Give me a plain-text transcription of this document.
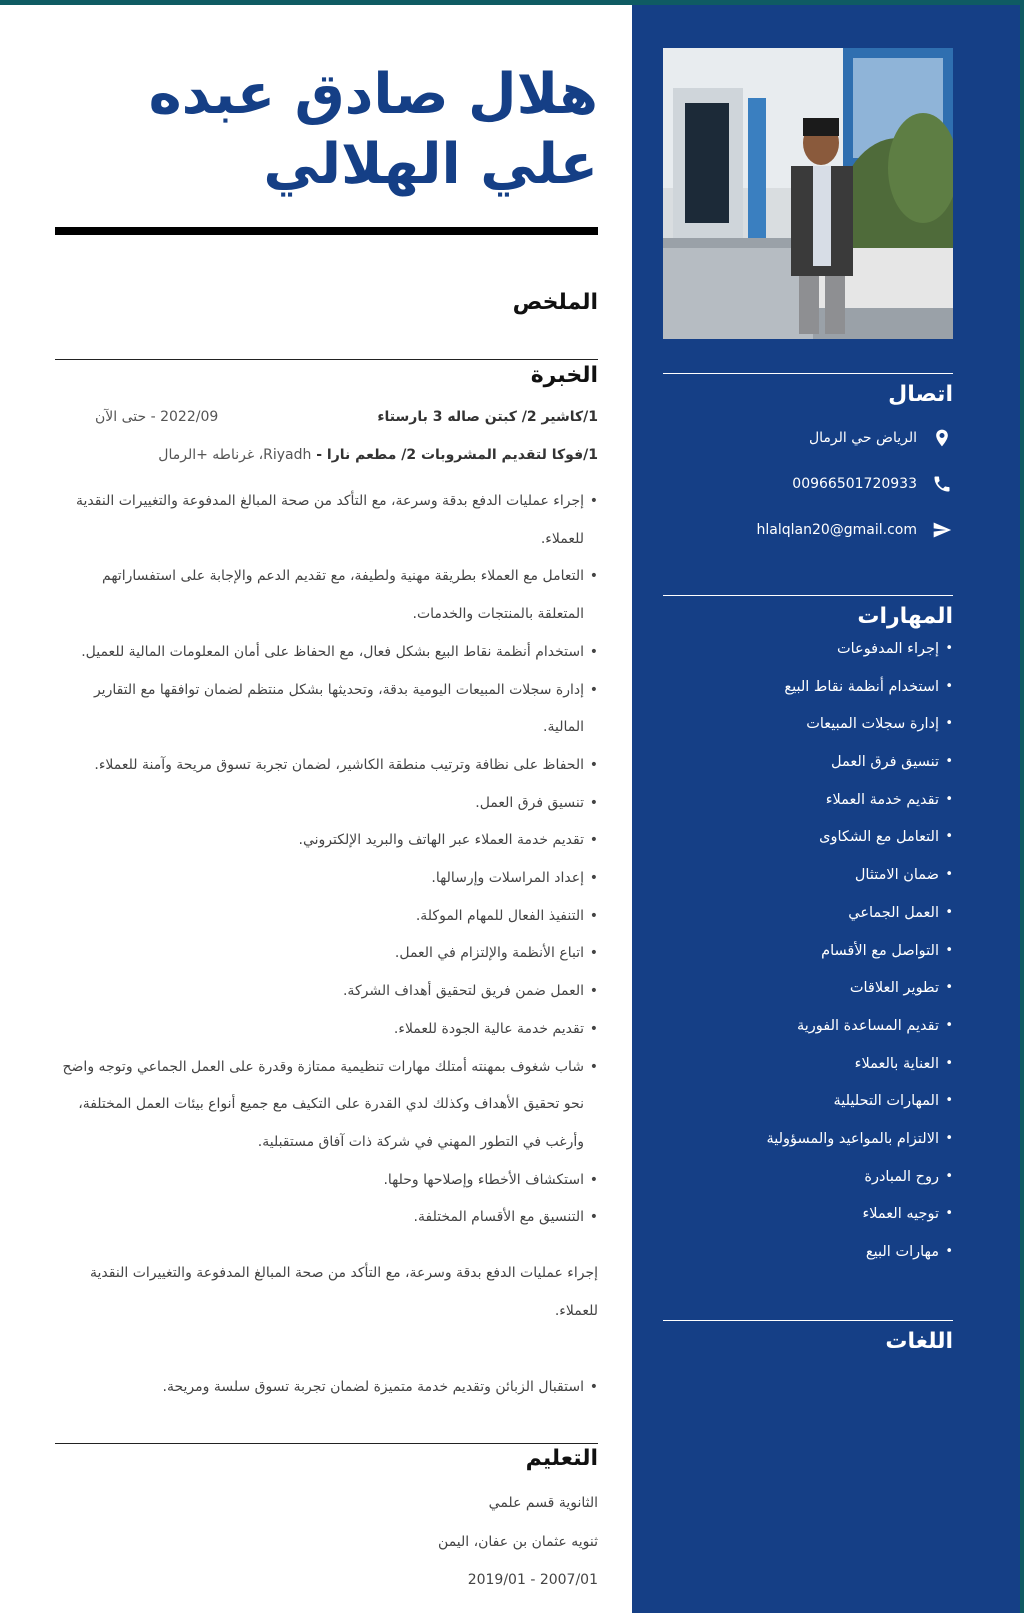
اتصال
الرياض حي الرمال
00966501720933
hlalqlan20@gmail.com
المهارات
• إجراء المدفوعات
• استخدام أنظمة نقاط البيع
• إدارة سجلات المبيعات
• تنسيق فرق العمل
• تقديم خدمة العملاء
• التعامل مع الشكاوى
• ضمان الامتثال
• العمل الجماعي
• التواصل مع الأقسام
• تطوير العلاقات
• تقديم المساعدة الفورية
• العناية بالعملاء
• المهارات التحليلية
• الالتزام بالمواعيد والمسؤولية
• روح المبادرة
• توجيه العملاء
• مهارات البيع
اللغات
هلال صادق عبده علي الهلالي
الملخص
الخبرة
1/كاشير 2/ كبتن صاله 3 بارستاء
2022/09 - حتى الآن
1/فوكا لتقديم المشروبات 2/ مطعم نارا - Riyadh، غرناطه +الرمال
• إجراء عمليات الدفع بدقة وسرعة، مع التأكد من صحة المبالغ المدفوعة والتغييرات النقدية للعملاء.
• التعامل مع العملاء بطريقة مهنية ولطيفة، مع تقديم الدعم والإجابة على استفساراتهم المتعلقة بالمنتجات والخدمات.
• استخدام أنظمة نقاط البيع بشكل فعال، مع الحفاظ على أمان المعلومات المالية للعميل.
• إدارة سجلات المبيعات اليومية بدقة، وتحديثها بشكل منتظم لضمان توافقها مع التقارير المالية.
• الحفاظ على نظافة وترتيب منطقة الكاشير، لضمان تجربة تسوق مريحة وآمنة للعملاء.
• تنسيق فرق العمل.
• تقديم خدمة العملاء عبر الهاتف والبريد الإلكتروني.
• إعداد المراسلات وإرسالها.
• التنفيذ الفعال للمهام الموكلة.
• اتباع الأنظمة والإلتزام في العمل.
• العمل ضمن فريق لتحقيق أهداف الشركة.
• تقديم خدمة عالية الجودة للعملاء.
• شاب شغوف بمهنته أمتلك مهارات تنظيمية ممتازة وقدرة على العمل الجماعي وتوجه واضح نحو تحقيق الأهداف وكذلك لدي القدرة على التكيف مع جميع أنواع بيئات العمل المختلفة، وأرغب في التطور المهني في شركة ذات آفاق مستقبلية.
• استكشاف الأخطاء وإصلاحها وحلها.
• التنسيق مع الأقسام المختلفة.
إجراء عمليات الدفع بدقة وسرعة، مع التأكد من صحة المبالغ المدفوعة والتغييرات النقدية للعملاء.
• استقبال الزبائن وتقديم خدمة متميزة لضمان تجربة تسوق سلسة ومريحة.
التعليم
الثانوية قسم علمي
ثنويه عثمان بن عفان، اليمن
2007/01 - 2019/01
